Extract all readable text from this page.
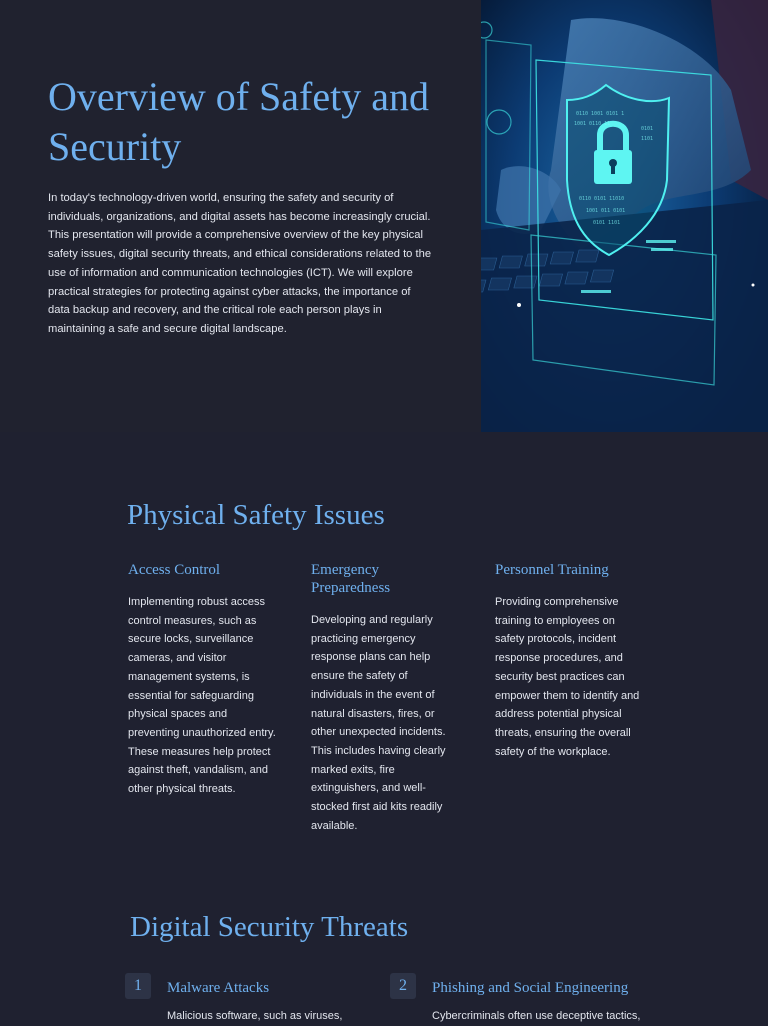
Overview of Safety and Security

In today's technology-driven world, ensuring the safety and security of individuals, organizations, and digital assets has become increasingly crucial. This presentation will provide a comprehensive overview of the key physical safety issues, digital security threats, and ethical considerations related to the use of information and communication technologies (ICT). We will explore practical strategies for protecting against cyber attacks, the importance of data backup and recovery, and the critical role each person plays in maintaining a safe and secure digital landscape.

0110 1001 0101 1
1001 0110 11
0101
1101
0110 0101 11010
1001 011 0101
0101 1101
Physical Safety Issues
Access Control

Implementing robust access control measures, such as secure locks, surveillance cameras, and visitor management systems, is essential for safeguarding physical spaces and preventing unauthorized entry. These measures help protect against theft, vandalism, and other physical threats.

Emergency Preparedness

Developing and regularly practicing emergency response plans can help ensure the safety of individuals in the event of natural disasters, fires, or other unexpected incidents. This includes having clearly marked exits, fire extinguishers, and well-stocked first aid kits readily available.

Personnel Training

Providing comprehensive training to employees on safety protocols, incident response procedures, and security best practices can empower them to identify and address potential physical threats, ensuring the overall safety of the workplace.

Digital Security Threats
1	Malware Attacks

Malicious software, such as viruses,

2	Phishing and Social Engineering

Cybercriminals often use deceptive tactics,
